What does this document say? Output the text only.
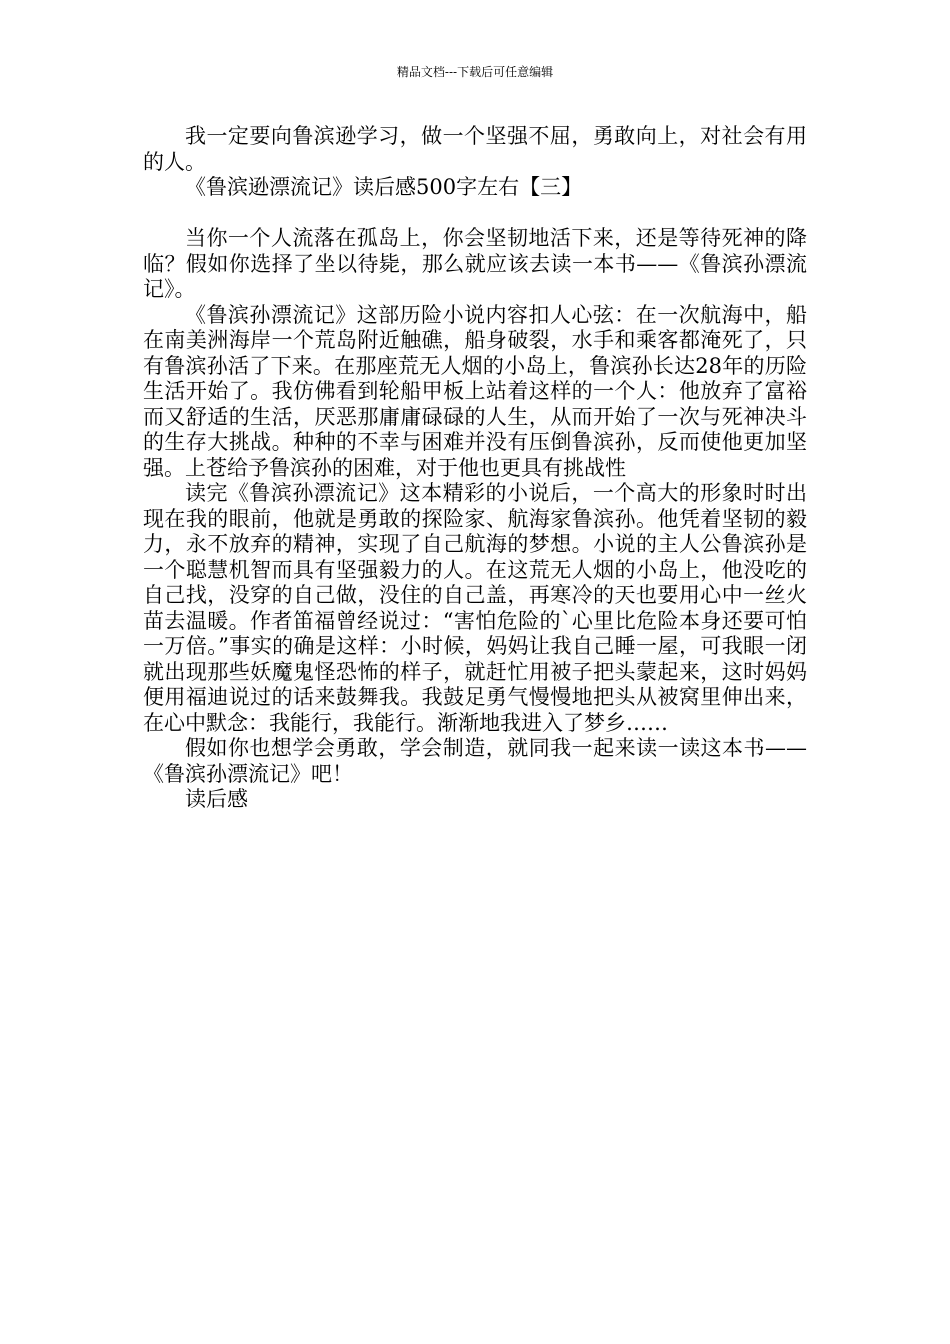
精品文档---下载后可任意编辑

我一定要向鲁滨逊学习，做一个坚强不屈，勇敢向上，对社会有用的人。

《鲁滨逊漂流记》读后感500字左右【三】

当你一个人流落在孤岛上，你会坚韧地活下来，还是等待死神的降临？假如你选择了坐以待毙，那么就应该去读一本书——《鲁滨孙漂流记》。

《鲁滨孙漂流记》这部历险小说内容扣人心弦：在一次航海中，船在南美洲海岸一个荒岛附近触礁，船身破裂，水手和乘客都淹死了，只有鲁滨孙活了下来。在那座荒无人烟的小岛上，鲁滨孙长达28年的历险生活开始了。我仿佛看到轮船甲板上站着这样的一个人：他放弃了富裕而又舒适的生活，厌恶那庸庸碌碌的人生，从而开始了一次与死神决斗的生存大挑战。种种的不幸与困难并没有压倒鲁滨孙，反而使他更加坚强。上苍给予鲁滨孙的困难，对于他也更具有挑战性

读完《鲁滨孙漂流记》这本精彩的小说后，一个高大的形象时时出现在我的眼前，他就是勇敢的探险家、航海家鲁滨孙。他凭着坚韧的毅力，永不放弃的精神，实现了自己航海的梦想。小说的主人公鲁滨孙是一个聪慧机智而具有坚强毅力的人。在这荒无人烟的小岛上，他没吃的自己找，没穿的自己做，没住的自己盖，再寒冷的天也要用心中一丝火苗去温暖。作者笛福曾经说过：“害怕危险的`心里比危险本身还要可怕一万倍。”事实的确是这样：小时候，妈妈让我自己睡一屋，可我眼一闭就出现那些妖魔鬼怪恐怖的样子，就赶忙用被子把头蒙起来，这时妈妈便用福迪说过的话来鼓舞我。我鼓足勇气慢慢地把头从被窝里伸出来，在心中默念：我能行，我能行。渐渐地我进入了梦乡……

假如你也想学会勇敢，学会制造，就同我一起来读一读这本书——《鲁滨孙漂流记》吧！

读后感
